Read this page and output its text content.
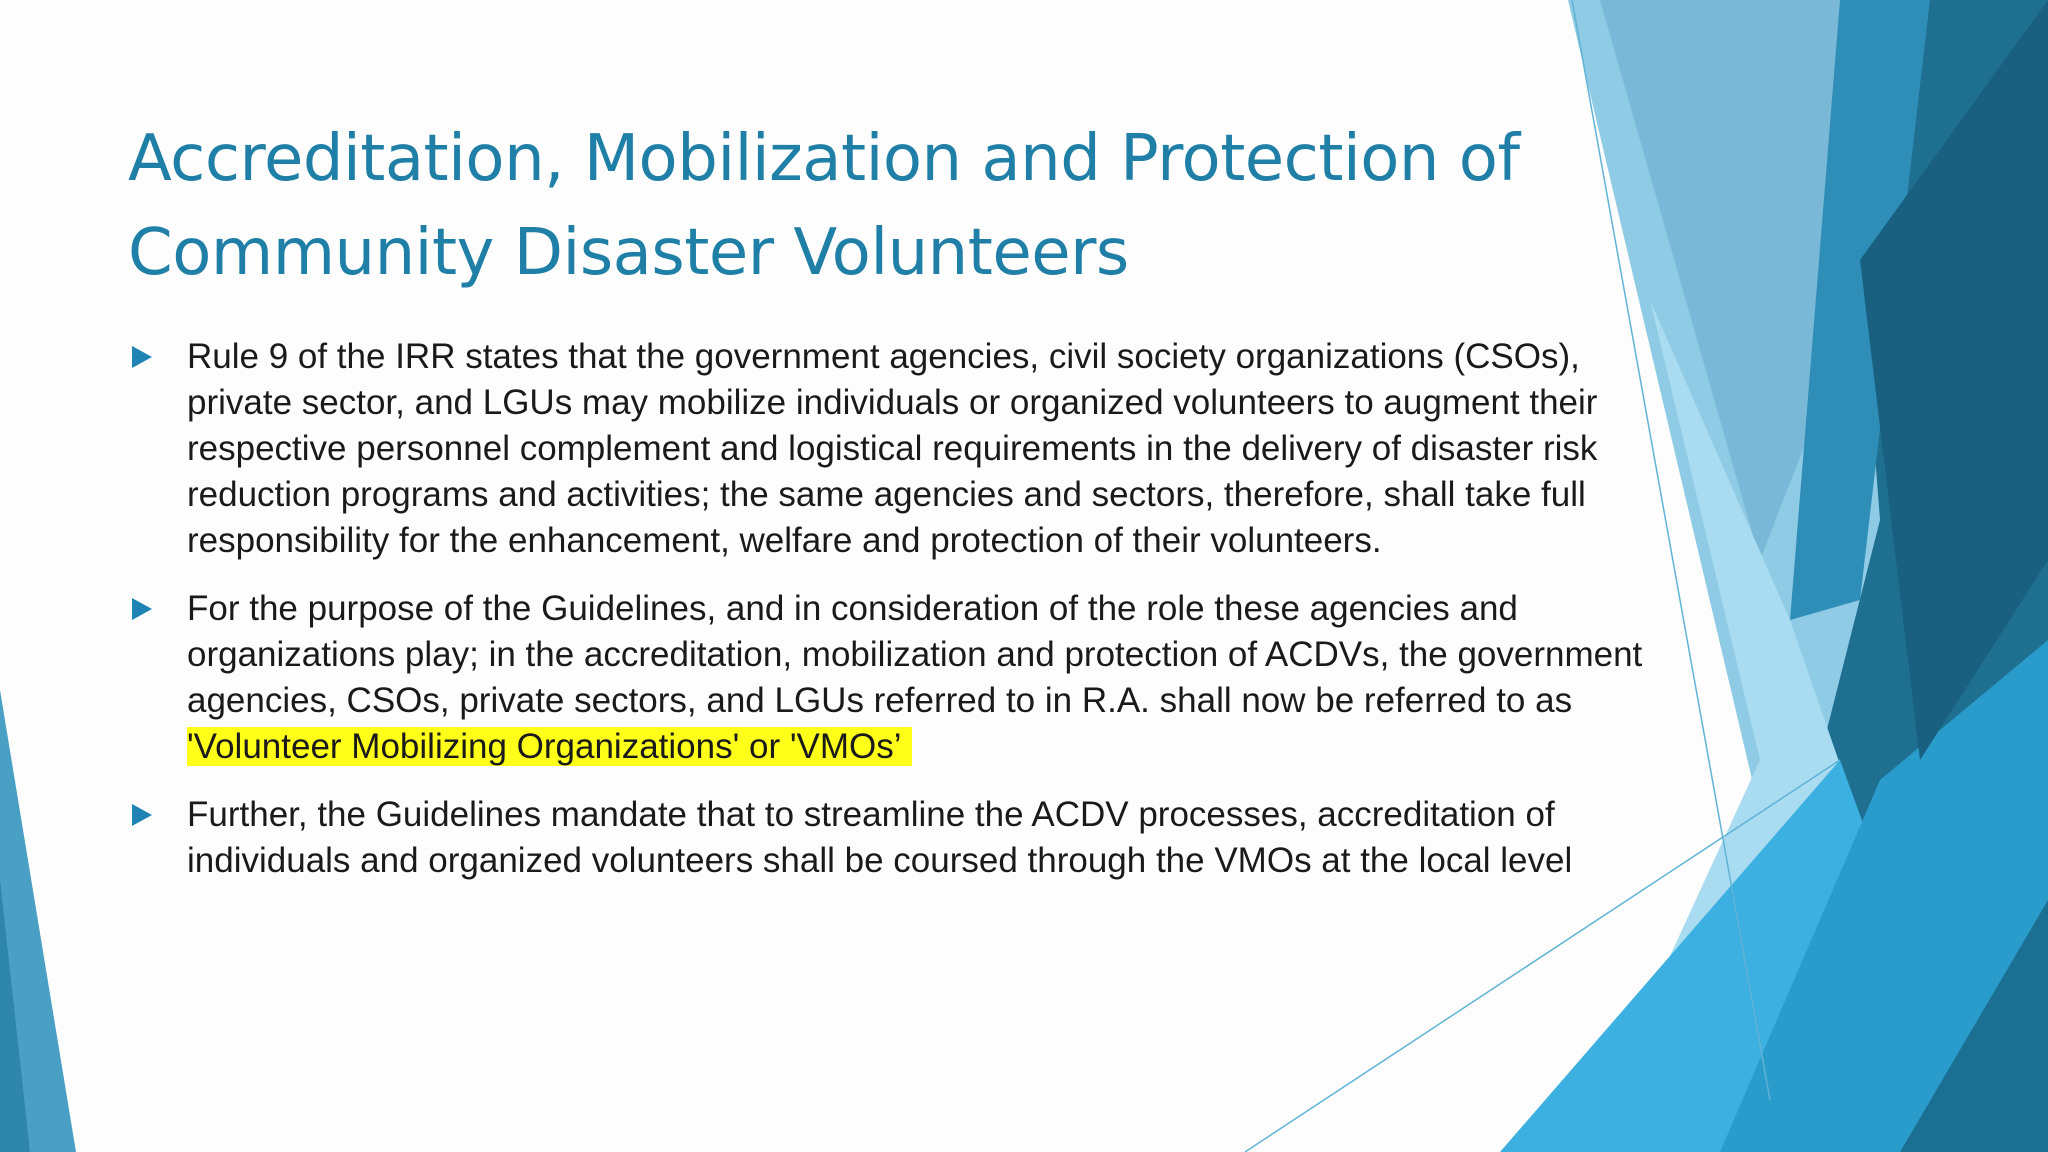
Accreditation, Mobilization and Protection of
Community Disaster Volunteers
Rule 9 of the IRR states that the government agencies, civil society organizations (CSOs),
private sector, and LGUs may mobilize individuals or organized volunteers to augment their
respective personnel complement and logistical requirements in the delivery of disaster risk
reduction programs and activities; the same agencies and sectors, therefore, shall take full
responsibility for the enhancement, welfare and protection of their volunteers.
For the purpose of the Guidelines, and in consideration of the role these agencies and
organizations play; in the accreditation, mobilization and protection of ACDVs, the government
agencies, CSOs, private sectors, and LGUs referred to in R.A. shall now be referred to as
'Volunteer Mobilizing Organizations' or 'VMOs’
Further, the Guidelines mandate that to streamline the ACDV processes, accreditation of
individuals and organized volunteers shall be coursed through the VMOs at the local level
